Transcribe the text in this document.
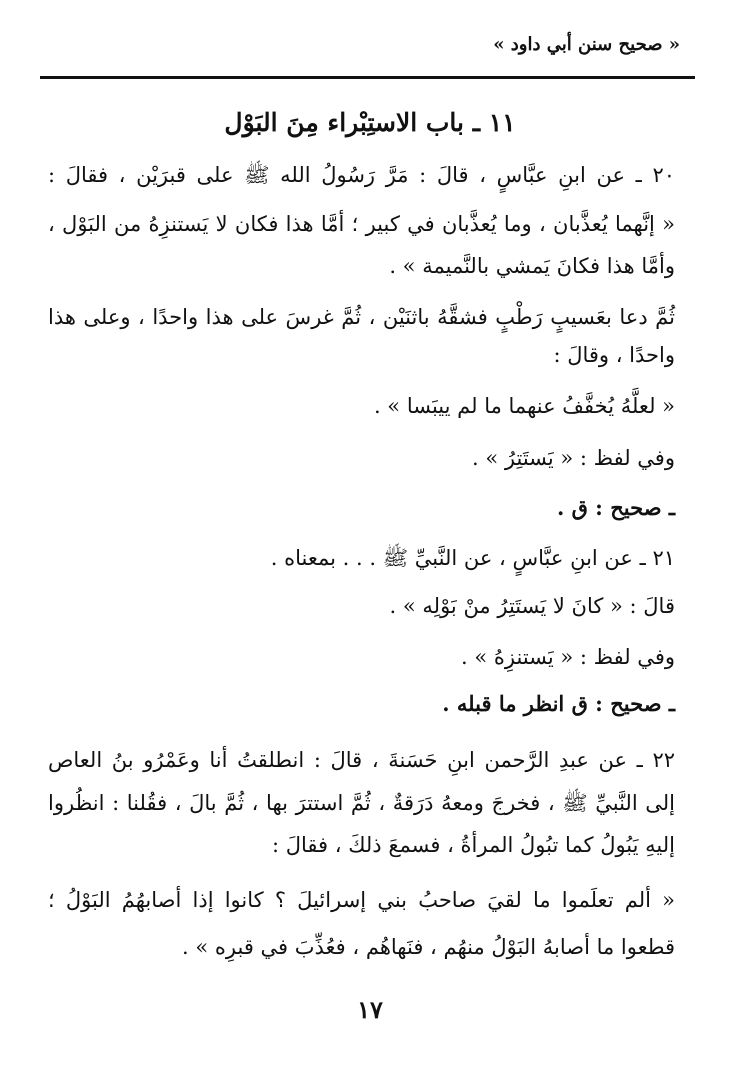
« صحيح سنن أبي داود »
١١ ـ باب الاستِبْراء مِنَ البَوْل
٢٠ ـ عن ابنِ عبَّاسٍ ، قالَ : مَرَّ رَسُولُ الله ﷺ على قبرَيْن ، فقالَ :
« إنَّهما يُعذَّبان ، وما يُعذَّبان في كبير ؛ أمَّا هذا فكان لا يَستنزِهُ من البَوْل ،
وأمَّا هذا فكانَ يَمشي بالنَّميمة » .
ثُمَّ دعا بعَسيبٍ رَطْبٍ فشقَّهُ باثنَيْن ، ثُمَّ غرسَ على هذا واحدًا ، وعلى هذا
واحدًا ، وقالَ :
« لعلَّهُ يُخفَّفُ عنهما ما لم ييبَسا » .
وفي لفظ : « يَستَتِرُ » .
ـ صحيح : ق .
٢١ ـ عن ابنِ عبَّاسٍ ، عن النَّبيِّ ﷺ . . . بمعناه .
قالَ : « كانَ لا يَستَتِرُ منْ بَوْلِه » .
وفي لفظ : « يَستنزِهُ » .
ـ صحيح : ق انظر ما قبله .
٢٢ ـ عن عبدِ الرَّحمن ابنِ حَسَنةَ ، قالَ : انطلقتُ أنا وعَمْرُو بنُ العاص
إلى النَّبيِّ ﷺ ، فخرجَ ومعهُ دَرَقةٌ ، ثُمَّ استترَ بها ، ثُمَّ بالَ ، فقُلنا : انظُروا
إليهِ يَبُولُ كما تبُولُ المرأةُ ، فسمعَ ذلكَ ، فقالَ :
« ألم تعلَموا ما لقيَ صاحبُ بني إسرائيلَ ؟ كانوا إذا أصابهُمُ البَوْلُ ؛
قطعوا ما أصابهُ البَوْلُ منهُم ، فنَهاهُم ، فعُذِّبَ في قبرِه » .
١٧
